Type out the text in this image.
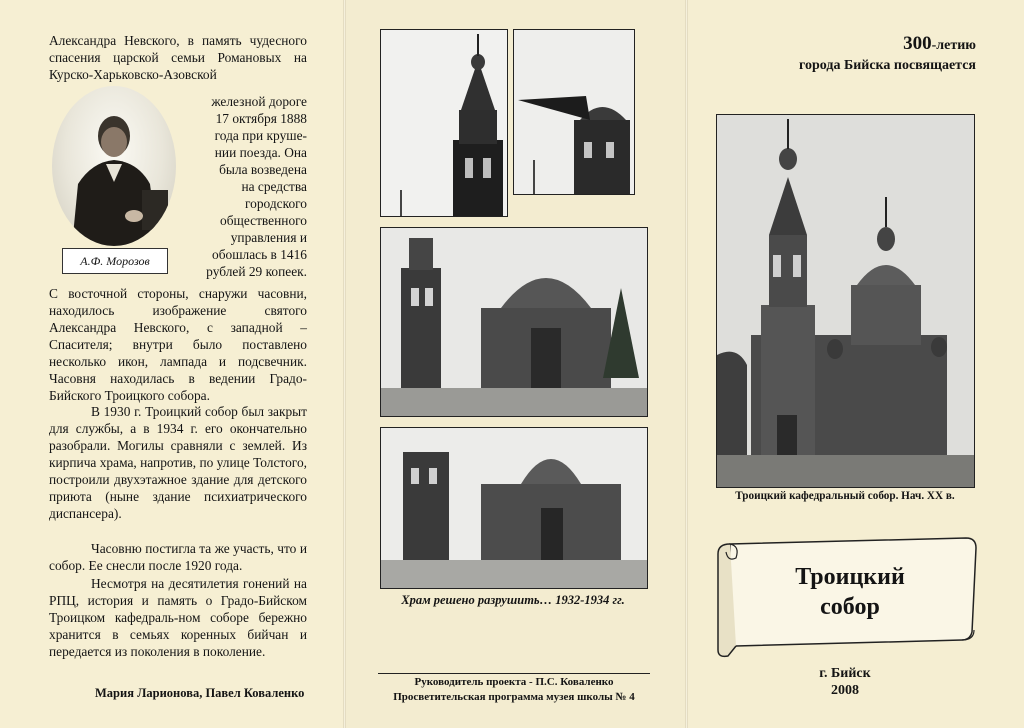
Александра Невского, в память чудесного спасения царской семьи Романовых на Курско-Харьковско-Азовской

А.Ф. Морозов
железной дороге
17 октября 1888
года при круше-
нии поезда. Она
была возведена
на средства
городского
общественного
управления и
обошлась в 1416
рублей 29 копеек.

С восточной стороны, снаружи часовни, находилось изображение святого Александра Невского, с западной – Спасителя; внутри было поставлено несколько икон, лампада и подсвечник. Часовня находилась в ведении Градо-Бийского Троицкого собора.

В 1930 г. Троицкий собор был закрыт для службы, а в 1934 г. его окончательно разобрали. Могилы сравняли с землей. Из кирпича храма, напротив, по улице Толстого, построили двухэтажное здание для детского приюта (ныне здание психиатрического диспансера).

Часовню постигла та же участь, что и собор. Ее снесли после 1920 года.

Несмотря на десятилетия гонений на РПЦ, история и память о Градо-Бийском Троицком кафедраль-ном соборе бережно хранится в семьях коренных бийчан и передается из поколения в поколение.

Мария Ларионова, Павел Коваленко
Храм решено разрушить… 1932-1934 гг.
Руководитель проекта - П.С. Коваленко
Просветительская программа музея школы № 4
300-летию
города Бийска посвящается
Троицкий кафедральный собор. Нач. XX в.
Троицкий
собор
г. Бийск
2008
